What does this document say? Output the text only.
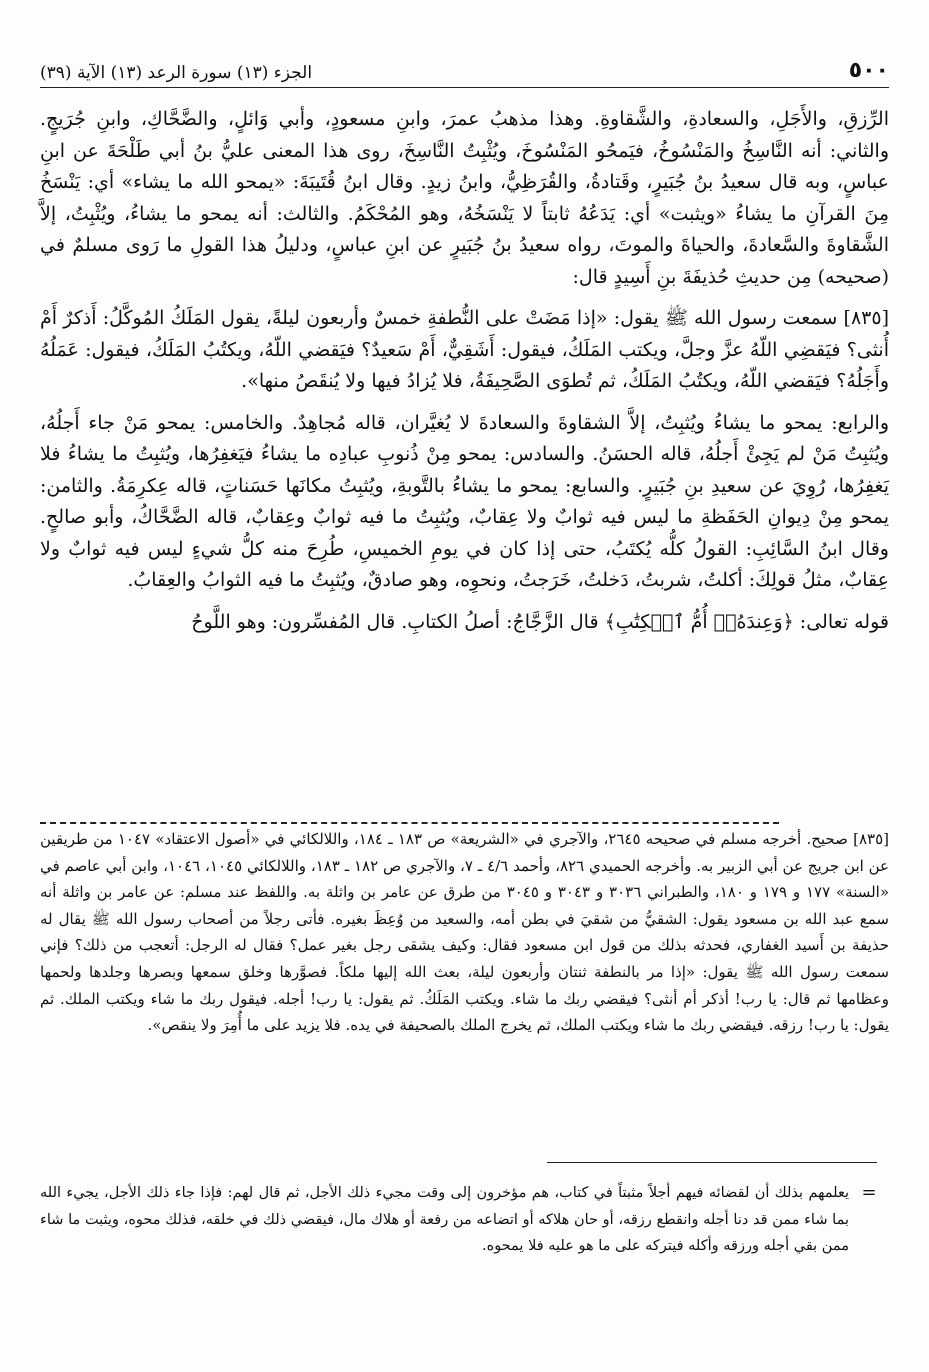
٥٠٠
الجزء (١٣) سورة الرعد (١٣) الآية (٣٩)

الرِّزقِ، والأَجَلِ، والسعادةِ، والشَّقاوةِ. وهذا مذهبُ عمرَ، وابنِ مسعودٍ، وأبي وَائلٍ، والضَّحَّاكِ، وابنِ جُرَيجٍ. والثاني: أنه النَّاسِخُ والمَنْسُوخُ، فيَمحُو المَنْسُوخَ، ويُثْبِتُ النَّاسِخَ، روى هذا المعنى عليُّ بنُ أبي طَلْحَةَ عن ابنِ عباسٍ، وبه قال سعيدُ بنُ جُبَيرٍ، وقَتادةُ، والقُرَظِيُّ، وابنُ زيدٍ. وقال ابنُ قُتَيبَةَ: «يمحو الله ما يشاء» أي: يَنْسَخُ مِنَ القرآنِ ما يشاءُ «ويثبت» أي: يَدَعُهُ ثابتاً لا يَنْسَخُهُ، وهو المُحْكَمُ. والثالث: أنه يمحو ما يشاءُ، ويُثْبِتُ، إلاَّ الشَّقاوةَ والسَّعادةَ، والحياةَ والموتَ، رواه سعيدُ بنُ جُبَيرٍ عن ابنِ عباسٍ، ودليلُ هذا القولِ ما رَوى مسلمٌ في (صحيحه) مِن حديثِ حُذيفَةَ بنِ أَسِيدٍ قال:

[٨٣٥] سمعت رسول الله ﷺ يقول: «إذا مَضَتْ على النُّطفةِ خمسٌ وأربعون ليلةً، يقول المَلَكُ المُوكَّلُ: أَذكرٌ أَمْ أُنثى؟ فيَقضِي اللّهُ عزَّ وجلَّ، ويكتب المَلَكُ، فيقول: أَشَقِيٌّ، أَمْ سَعيدٌ؟ فيَقضي اللّهُ، ويكتُبُ المَلَكُ، فيقول: عَمَلُهُ وأَجَلُهُ؟ فيَقضي اللّهُ، ويكتُبُ المَلَكُ، ثم تُطوَى الصَّحِيفَةُ، فلا يُزادُ فيها ولا يُنقَصُ منها».

والرابع: يمحو ما يشاءُ ويُثبِتُ، إلاَّ الشقاوةَ والسعادةَ لا يُغيَّران، قاله مُجاهِدٌ. والخامس: يمحو مَنْ جاء أَجلُهُ، ويُثبِتُ مَنْ لم يَجِئْ أَجلُهُ، قاله الحسَنُ. والسادس: يمحو مِنْ ذُنوبِ عبادِه ما يشاءُ فيَغفِرُها، ويُثبِتُ ما يشاءُ فلا يَغفِرُها، رُوِيَ عن سعيدِ بنِ جُبَيرٍ. والسابع: يمحو ما يشاءُ بالتَّوبةِ، ويُثبِتُ مكانَها حَسَناتٍ، قاله عِكرِمَةُ. والثامن: يمحو مِنْ دِيوانِ الحَفَظةِ ما ليس فيه ثوابٌ ولا عِقابٌ، ويُثبِتُ ما فيه ثوابٌ وعِقابٌ، قاله الضَّحَّاكُ، وأبو صالحٍ. وقال ابنُ السَّائِبِ: القولُ كلُّه يُكتَبُ، حتى إذا كان في يومِ الخميسِ، طُرِحَ منه كلُّ شيءٍ ليس فيه ثوابٌ ولا عِقابٌ، مثلُ قولِكَ: أكلتُ، شربتُ، دَخلتُ، خَرَجتُ، ونحوِه، وهو صادقٌ، ويُثبِتُ ما فيه الثوابُ والعِقابُ.

قوله تعالى: ﴿وَعِندَهُۥٓ أُمُّ ٱلۡكِتَٰبِ﴾ قال الزَّجَّاجُ: أصلُ الكتابِ. قال المُفسِّرون: وهو اللَّوحُ

[٨٣٥] صحيح. أخرجه مسلم في صحيحه ٢٦٤٥، والآجري في «الشريعة» ص ١٨٣ ـ ١٨٤، واللالكائي في «أصول الاعتقاد» ١٠٤٧ من طريقين عن ابن جريج عن أبي الزبير به. وأخرجه الحميدي ٨٢٦، وأحمد ٤/٦ ـ ٧، والآجري ص ١٨٢ ـ ١٨٣، واللالكائي ١٠٤٥، ١٠٤٦، وابن أبي عاصم في «السنة» ١٧٧ و ١٧٩ و ١٨٠، والطبراني ٣٠٣٦ و ٣٠٤٣ و ٣٠٤٥ من طرق عن عامر بن واثلة به. واللفظ عند مسلم: عن عامر بن واثلة أنه سمع عبد الله بن مسعود يقول: الشقيُّ من شقيَ في بطن أمه، والسعيد من وُعِظَ بغيره. فأتى رجلاً من أصحاب رسول الله ﷺ يقال له حذيفة بن أَسيد الغفاري، فحدثه بذلك من قول ابن مسعود فقال: وكيف يشقى رجل بغير عمل؟ فقال له الرجل: أتعجب من ذلك؟ فإني سمعت رسول الله ﷺ يقول: «إذا مر بالنطفة ثنتان وأربعون ليلة، بعث الله إليها ملكاً. فصوَّرها وخلق سمعها وبصرها وجلدها ولحمها وعظامها ثم قال: يا رب! أذكر أم أنثى؟ فيقضي ربك ما شاء. ويكتب المَلَكُ. ثم يقول: يا رب! أجله. فيقول ربك ما شاء ويكتب الملك. ثم يقول: يا رب! رزقه. فيقضي ربك ما شاء ويكتب الملك، ثم يخرج الملك بالصحيفة في يده. فلا يزيد على ما أُمِرَ ولا ينقص».

=
يعلمهم بذلك أن لقضائه فيهم أجلاً مثبتاً في كتاب، هم مؤخرون إلى وقت مجيء ذلك الأجل، ثم قال لهم: فإذا جاء ذلك الأجل، يجيء الله بما شاء ممن قد دنا أجله وانقطع رزقه، أو حان هلاكه أو اتضاعه من رفعة أو هلاك مال، فيقضي ذلك في خلقه، فذلك محوه، ويثبت ما شاء ممن بقي أجله ورزقه وأكله فيتركه على ما هو عليه فلا يمحوه.
